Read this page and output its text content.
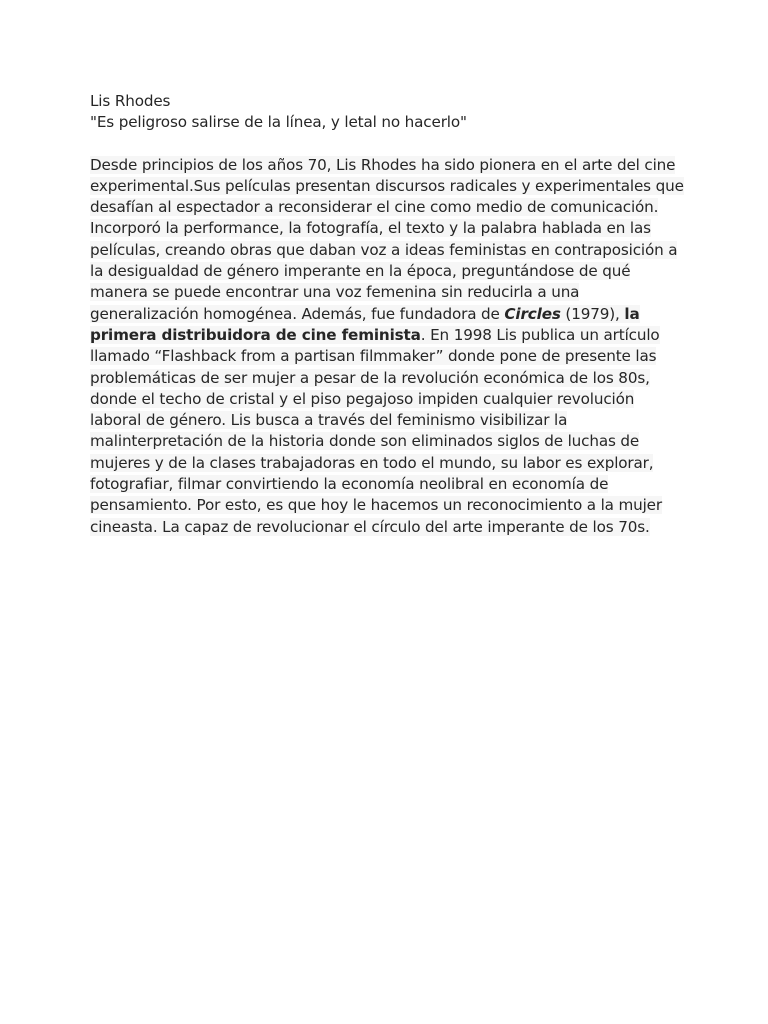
Lis Rhodes
"Es peligroso salirse de la línea, y letal no hacerlo"

Desde principios de los años 70, Lis Rhodes ha sido pionera en el arte del cine experimental.Sus películas presentan discursos radicales y experimentales que desafían al espectador a reconsiderar el cine como medio de comunicación. Incorporó la performance, la fotografía, el texto y la palabra hablada en las películas, creando obras que daban voz a ideas feministas en contraposición a la desigualdad de género imperante en la época, preguntándose de qué manera se puede encontrar una voz femenina sin reducirla a una generalización homogénea. Además, fue fundadora de Circles (1979), la primera distribuidora de cine feminista. En 1998 Lis publica un artículo llamado “Flashback from a partisan filmmaker” donde pone de presente las problemáticas de ser mujer a pesar de la revolución económica de los 80s, donde el techo de cristal y el piso pegajoso impiden cualquier revolución laboral de género. Lis busca a través del feminismo visibilizar la malinterpretación de la historia donde son eliminados siglos de luchas de mujeres y de la clases trabajadoras en todo el mundo, su labor es explorar, fotografiar, filmar convirtiendo la economía neolibral en economía de pensamiento. Por esto, es que hoy le hacemos un reconocimiento a la mujer cineasta. La capaz de revolucionar el círculo del arte imperante de los 70s.
